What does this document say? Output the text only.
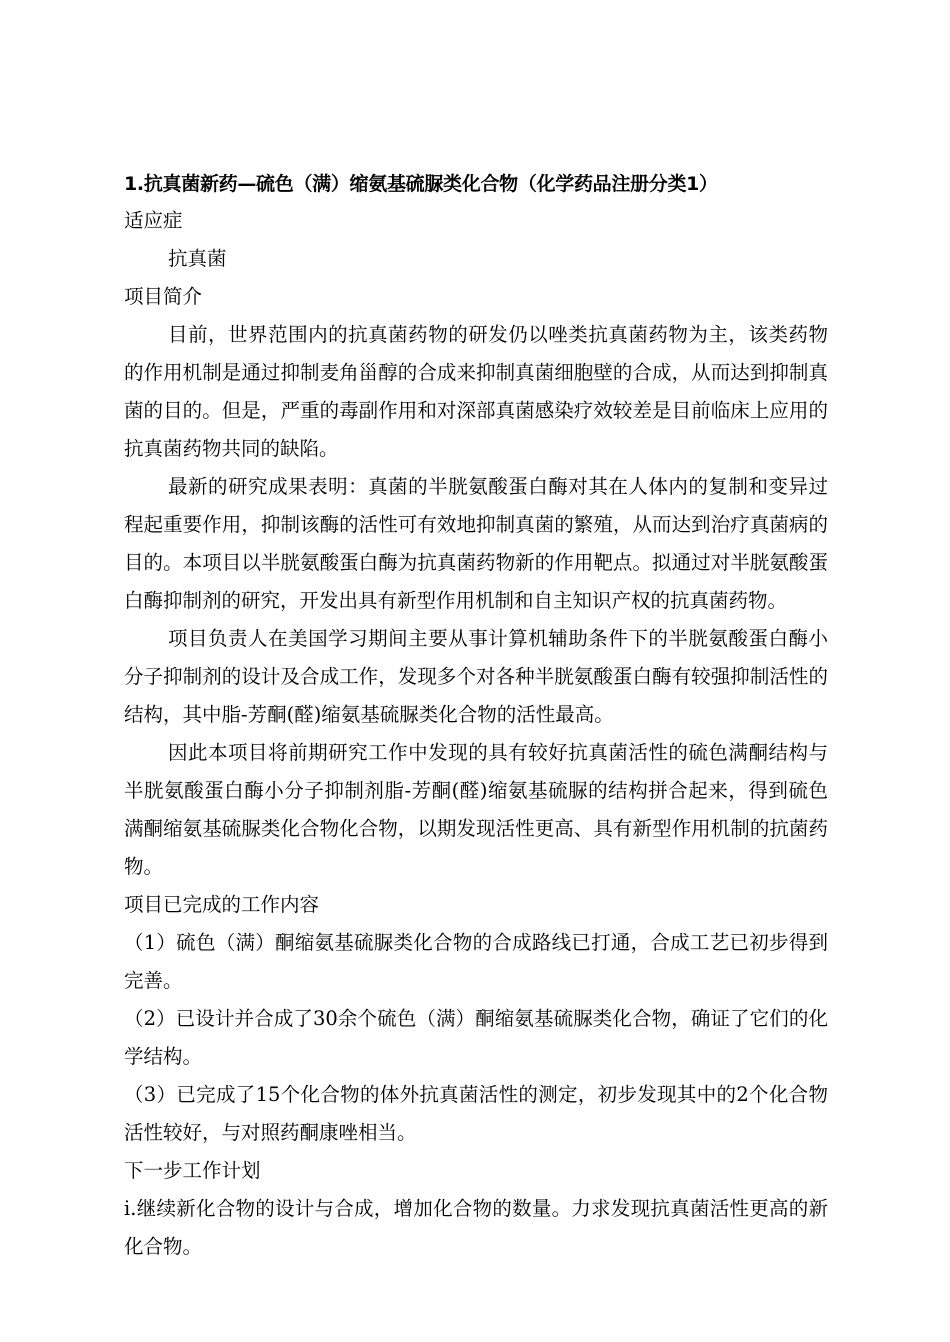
1.抗真菌新药—硫色（满）缩氨基硫脲类化合物（化学药品注册分类1）

适应症

抗真菌

项目简介

目前，世界范围内的抗真菌药物的研发仍以唑类抗真菌药物为主，该类药物的作用机制是通过抑制麦角甾醇的合成来抑制真菌细胞壁的合成，从而达到抑制真菌的目的。但是，严重的毒副作用和对深部真菌感染疗效较差是目前临床上应用的抗真菌药物共同的缺陷。

最新的研究成果表明：真菌的半胱氨酸蛋白酶对其在人体内的复制和变异过程起重要作用，抑制该酶的活性可有效地抑制真菌的繁殖，从而达到治疗真菌病的目的。本项目以半胱氨酸蛋白酶为抗真菌药物新的作用靶点。拟通过对半胱氨酸蛋白酶抑制剂的研究，开发出具有新型作用机制和自主知识产权的抗真菌药物。

项目负责人在美国学习期间主要从事计算机辅助条件下的半胱氨酸蛋白酶小分子抑制剂的设计及合成工作，发现多个对各种半胱氨酸蛋白酶有较强抑制活性的结构，其中脂-芳酮(醛)缩氨基硫脲类化合物的活性最高。

因此本项目将前期研究工作中发现的具有较好抗真菌活性的硫色满酮结构与半胱氨酸蛋白酶小分子抑制剂脂-芳酮(醛)缩氨基硫脲的结构拼合起来，得到硫色满酮缩氨基硫脲类化合物化合物，以期发现活性更高、具有新型作用机制的抗菌药物。

项目已完成的工作内容

（1）硫色（满）酮缩氨基硫脲类化合物的合成路线已打通，合成工艺已初步得到完善。

（2）已设计并合成了30余个硫色（满）酮缩氨基硫脲类化合物，确证了它们的化学结构。

（3）已完成了15个化合物的体外抗真菌活性的测定，初步发现其中的2个化合物活性较好，与对照药酮康唑相当。

下一步工作计划

i.继续新化合物的设计与合成，增加化合物的数量。力求发现抗真菌活性更高的新化合物。
